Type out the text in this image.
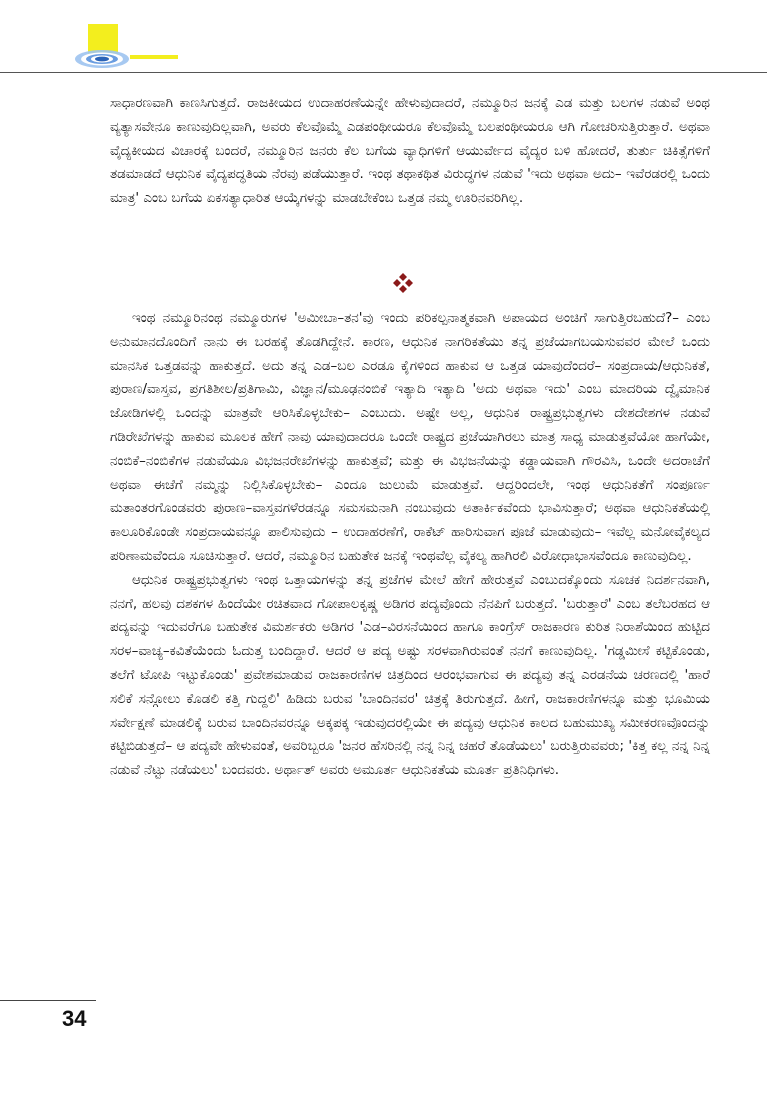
ಸಾಧಾರಣವಾಗಿ ಕಾಣಸಿಗುತ್ತದೆ. ರಾಜಕೀಯದ ಉದಾಹರಣೆಯನ್ನೇ ಹೇಳುವುದಾದರೆ, ನಮ್ಮೂರಿನ ಜನಕ್ಕೆ ಎಡ ಮತ್ತು ಬಲಗಳ ನಡುವೆ ಅಂಥ ವ್ಯತ್ಯಾಸವೇನೂ ಕಾಣುವುದಿಲ್ಲವಾಗಿ, ಅವರು ಕೆಲವೊಮ್ಮೆ ಎಡಪಂಥೀಯರೂ ಕೆಲವೊಮ್ಮೆ ಬಲಪಂಥೀಯರೂ ಆಗಿ ಗೋಚರಿಸುತ್ತಿರುತ್ತಾರೆ. ಅಥವಾ ವೈದ್ಯಕೀಯದ ವಿಚಾರಕ್ಕೆ ಬಂದರೆ, ನಮ್ಮೂರಿನ ಜನರು ಕೆಲ ಬಗೆಯ ವ್ಯಾಧಿಗಳಿಗೆ ಆಯುರ್ವೇದ ವೈದ್ಯರ ಬಳಿ ಹೋದರೆ, ತುರ್ತು ಚಿಕಿತ್ಸೆಗಳಿಗೆ ತಡಮಾಡದೆ ಆಧುನಿಕ ವೈದ್ಯಪದ್ಧತಿಯ ನೆರವು ಪಡೆಯುತ್ತಾರೆ. ಇಂಥ ತಥಾಕಥಿತ ವಿರುದ್ಧಗಳ ನಡುವೆ 'ಇದು ಅಥವಾ ಅದು– ಇವೆರಡರಲ್ಲಿ ಒಂದು ಮಾತ್ರ' ಎಂಬ ಬಗೆಯ ಏಕಸತ್ಯಾಧಾರಿತ ಆಯ್ಕೆಗಳನ್ನು ಮಾಡಬೇಕೆಂಬ ಒತ್ತಡ ನಮ್ಮ ಊರಿನವರಿಗಿಲ್ಲ.

ಇಂಥ ನಮ್ಮೂರಿನಂಥ ನಮ್ಮೂರುಗಳ 'ಅಮೀಬಾ–ತನ'ವು ಇಂದು ಪರಿಕಲ್ಪನಾತ್ಮಕವಾಗಿ ಅಪಾಯದ ಅಂಚಿಗೆ ಸಾಗುತ್ತಿರಬಹುದೆ?– ಎಂಬ ಅನುಮಾನದೊಂದಿಗೆ ನಾನು ಈ ಬರಹಕ್ಕೆ ತೊಡಗಿದ್ದೇನೆ. ಕಾರಣ, ಆಧುನಿಕ ನಾಗರಿಕತೆಯು ತನ್ನ ಪ್ರಜೆಯಾಗಬಯಸುವವರ ಮೇಲೆ ಒಂದು ಮಾನಸಿಕ ಒತ್ತಡವನ್ನು ಹಾಕುತ್ತದೆ. ಅದು ತನ್ನ ಎಡ–ಬಲ ಎರಡೂ ಕೈಗಳಿಂದ ಹಾಕುವ ಆ ಒತ್ತಡ ಯಾವುದೆಂದರೆ– ಸಂಪ್ರದಾಯ/ಆಧುನಿಕತೆ, ಪುರಾಣ/ವಾಸ್ತವ, ಪ್ರಗತಿಶೀಲ/ಪ್ರತಿಗಾಮಿ, ವಿಜ್ಞಾನ/ಮೂಢನಂಬಿಕೆ ಇತ್ಯಾದಿ ಇತ್ಯಾದಿ 'ಅದು ಅಥವಾ ಇದು' ಎಂಬ ಮಾದರಿಯ ದ್ವೈಮಾನಿಕ ಜೋಡಿಗಳಲ್ಲಿ ಒಂದನ್ನು ಮಾತ್ರವೇ ಆರಿಸಿಕೊಳ್ಳಬೇಕು– ಎಂಬುದು. ಅಷ್ಟೇ ಅಲ್ಲ, ಆಧುನಿಕ ರಾಷ್ಟ್ರಪ್ರಭುತ್ವಗಳು ದೇಶದೇಶಗಳ ನಡುವೆ ಗಡಿರೇಖೆಗಳನ್ನು ಹಾಕುವ ಮೂಲಕ ಹೇಗೆ ನಾವು ಯಾವುದಾದರೂ ಒಂದೇ ರಾಷ್ಟ್ರದ ಪ್ರಜೆಯಾಗಿರಲು ಮಾತ್ರ ಸಾಧ್ಯ ಮಾಡುತ್ತವೆಯೋ ಹಾಗೆಯೇ, ನಂಬಿಕೆ–ನಂಬಿಕೆಗಳ ನಡುವೆಯೂ ವಿಭಜನರೇಖೆಗಳನ್ನು ಹಾಕುತ್ತವೆ; ಮತ್ತು ಈ ವಿಭಜನೆಯನ್ನು ಕಡ್ಡಾಯವಾಗಿ ಗೌರವಿಸಿ, ಒಂದೇ ಅದರಾಚೆಗೆ ಅಥವಾ ಈಚೆಗೆ ನಮ್ಮನ್ನು ನಿಲ್ಲಿಸಿಕೊಳ್ಳಬೇಕು– ಎಂದೂ ಜುಲುಮೆ ಮಾಡುತ್ತವೆ. ಆದ್ದರಿಂದಲೇ, ಇಂಥ ಆಧುನಿಕತೆಗೆ ಸಂಪೂರ್ಣ ಮತಾಂತರಗೊಂಡವರು ಪುರಾಣ–ವಾಸ್ತವಗಳೆರಡನ್ನೂ ಸಮಸಮನಾಗಿ ನಂಬುವುದು ಅತಾರ್ಕಿಕವೆಂದು ಭಾವಿಸುತ್ತಾರೆ; ಅಥವಾ ಆಧುನಿಕತೆಯಲ್ಲಿ ಕಾಲೂರಿಕೊಂಡೇ ಸಂಪ್ರದಾಯವನ್ನೂ ಪಾಲಿಸುವುದು – ಉದಾಹರಣೆಗೆ, ರಾಕೆಟ್ ಹಾರಿಸುವಾಗ ಪೂಜೆ ಮಾಡುವುದು– ಇವೆಲ್ಲ ಮನೋವೈಕಲ್ಯದ ಪರಿಣಾಮವೆಂದೂ ಸೂಚಿಸುತ್ತಾರೆ. ಆದರೆ, ನಮ್ಮೂರಿನ ಬಹುತೇಕ ಜನಕ್ಕೆ ಇಂಥವೆಲ್ಲ ವೈಕಲ್ಯ ಹಾಗಿರಲಿ ವಿರೋಧಾಭಾಸವೆಂದೂ ಕಾಣುವುದಿಲ್ಲ.

ಆಧುನಿಕ ರಾಷ್ಟ್ರಪ್ರಭುತ್ವಗಳು ಇಂಥ ಒತ್ತಾಯಗಳನ್ನು ತನ್ನ ಪ್ರಜೆಗಳ ಮೇಲೆ ಹೇಗೆ ಹೇರುತ್ತವೆ ಎಂಬುದಕ್ಕೊಂದು ಸೂಚಕ ನಿದರ್ಶನವಾಗಿ, ನನಗೆ, ಹಲವು ದಶಕಗಳ ಹಿಂದೆಯೇ ರಚಿತವಾದ ಗೋಪಾಲಕೃಷ್ಣ ಅಡಿಗರ ಪದ್ಯವೊಂದು ನೆನಪಿಗೆ ಬರುತ್ತದೆ. 'ಬರುತ್ತಾರೆ' ಎಂಬ ತಲೆಬರಹದ ಆ ಪದ್ಯವನ್ನು ಇದುವರೆಗೂ ಬಹುತೇಕ ವಿಮರ್ಶಕರು ಅಡಿಗರ 'ಎಡ–ವಿರಸನೆಯಿಂದ ಹಾಗೂ ಕಾಂಗ್ರೆಸ್ ರಾಜಕಾರಣ ಕುರಿತ ನಿರಾಶೆಯಿಂದ ಹುಟ್ಟಿದ ಸರಳ–ವಾಚ್ಯ–ಕವಿತೆಯೆಂದು ಓದುತ್ತ ಬಂದಿದ್ದಾರೆ. ಆದರೆ ಆ ಪದ್ಯ ಅಷ್ಟು ಸರಳವಾಗಿರುವಂತೆ ನನಗೆ ಕಾಣುವುದಿಲ್ಲ. 'ಗಡ್ಡಮೀಸೆ ಕಟ್ಟಿಕೊಂಡು, ತಲೆಗೆ ಟೋಪಿ ಇಟ್ಟುಕೊಂಡು' ಪ್ರವೇಶಮಾಡುವ ರಾಜಕಾರಣಿಗಳ ಚಿತ್ರದಿಂದ ಆರಂಭವಾಗುವ ಈ ಪದ್ಯವು ತನ್ನ ಎರಡನೆಯ ಚರಣದಲ್ಲಿ 'ಹಾರೆ ಸಲಿಕೆ ಸನ್ಗೋಲು ಕೊಡಲಿ ಕತ್ತಿ ಗುದ್ದಲಿ' ಹಿಡಿದು ಬರುವ 'ಬಾಂದಿನವರ' ಚಿತ್ರಕ್ಕೆ ತಿರುಗುತ್ತದೆ. ಹೀಗೆ, ರಾಜಕಾರಣಿಗಳನ್ನೂ ಮತ್ತು ಭೂಮಿಯ ಸರ್ವೇಕ್ಷಣೆ ಮಾಡಲಿಕ್ಕೆ ಬರುವ ಬಾಂದಿನವರನ್ನೂ ಅಕ್ಕಪಕ್ಕ ಇಡುವುದರಲ್ಲಿಯೇ ಈ ಪದ್ಯವು ಆಧುನಿಕ ಕಾಲದ ಬಹುಮುಖ್ಯ ಸಮೀಕರಣವೊಂದನ್ನು ಕಟ್ಟಿಬಿಡುತ್ತದೆ– ಆ ಪದ್ಯವೇ ಹೇಳುವಂತೆ, ಅವರಿಬ್ಬರೂ 'ಜನರ ಹೆಸರಿನಲ್ಲಿ ನನ್ನ ನಿನ್ನ ಚಹರೆ ತೊಡೆಯಲು' ಬರುತ್ತಿರುವವರು; 'ಕಿತ್ತ ಕಲ್ಲ ನನ್ನ ನಿನ್ನ ನಡುವೆ ನೆಟ್ಟು ನಡೆಯಲು' ಬಂದವರು. ಅರ್ಥಾತ್ ಅವರು ಅಮೂರ್ತ ಆಧುನಿಕತೆಯ ಮೂರ್ತ ಪ್ರತಿನಿಧಿಗಳು.

34
